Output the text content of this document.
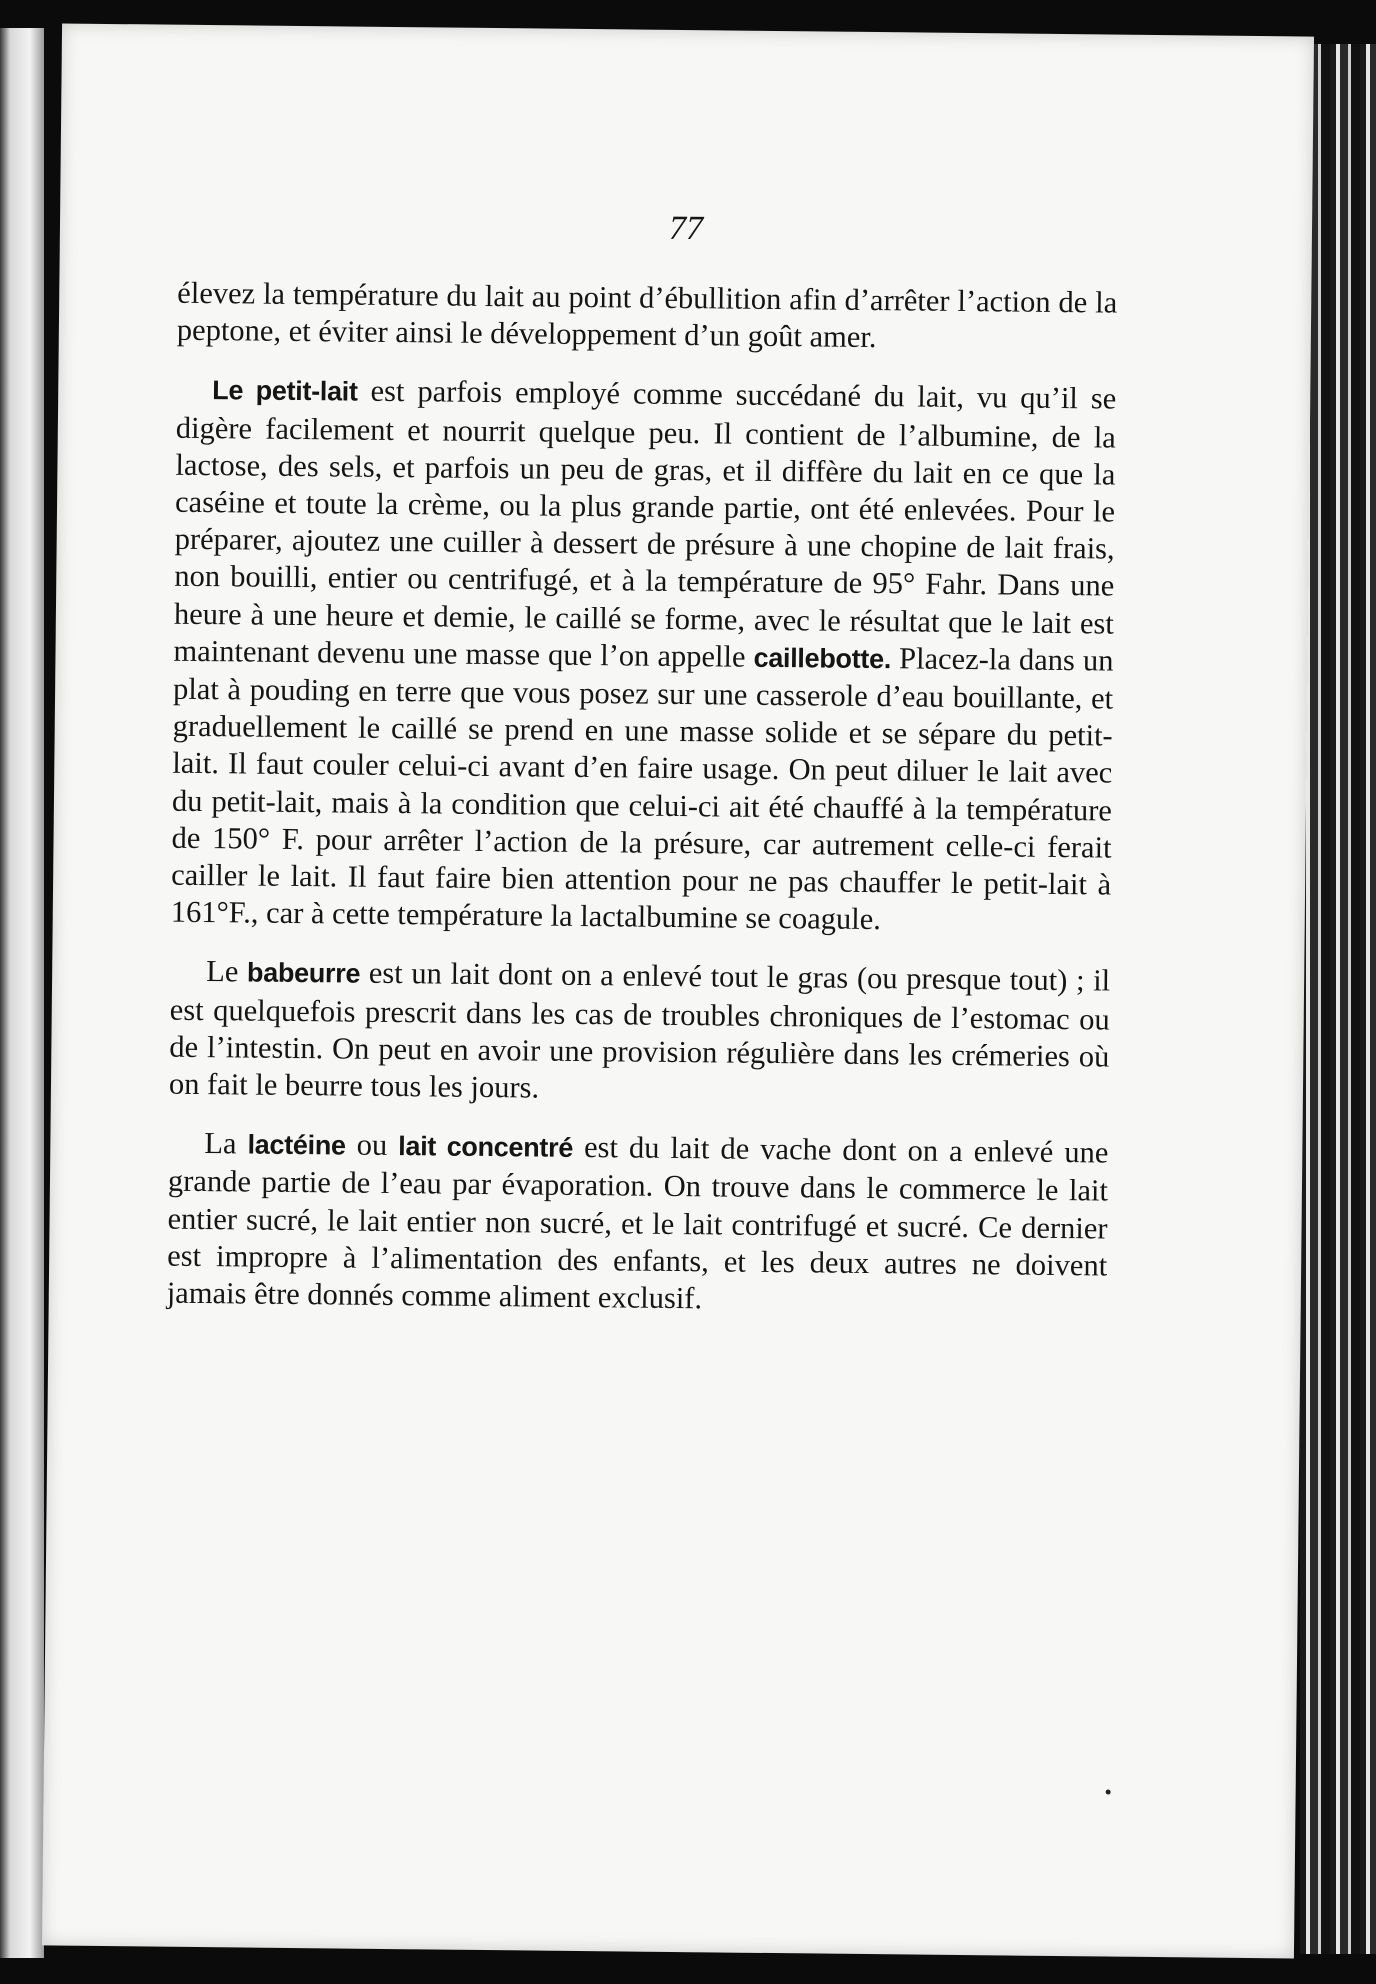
77

élevez la température du lait au point d’ébullition afin d’arrêter l’action de la peptone, et éviter ainsi le développement d’un goût amer.

Le petit-lait est parfois employé comme succédané du lait, vu qu’il se digère facilement et nourrit quelque peu. Il contient de l’albumine, de la lactose, des sels, et parfois un peu de gras, et il diffère du lait en ce que la caséine et toute la crème, ou la plus grande partie, ont été enlevées. Pour le préparer, ajoutez une cuiller à dessert de présure à une chopine de lait frais, non bouilli, entier ou centrifugé, et à la température de 95° Fahr. Dans une heure à une heure et demie, le caillé se forme, avec le résultat que le lait est maintenant devenu une masse que l’on appelle caillebotte. Placez-la dans un plat à pouding en terre que vous posez sur une casserole d’eau bouillante, et graduellement le caillé se prend en une masse solide et se sépare du petit-lait. Il faut couler celui-ci avant d’en faire usage. On peut diluer le lait avec du petit-lait, mais à la condition que celui-ci ait été chauffé à la température de 150° F. pour arrêter l’action de la présure, car autrement celle-ci ferait cailler le lait. Il faut faire bien attention pour ne pas chauffer le petit-lait à 161°F., car à cette température la lactalbumine se coagule.

Le babeurre est un lait dont on a enlevé tout le gras (ou presque tout) ; il est quelquefois prescrit dans les cas de troubles chroniques de l’estomac ou de l’intestin. On peut en avoir une provision régulière dans les crémeries où on fait le beurre tous les jours.

La lactéine ou lait concentré est du lait de vache dont on a enlevé une grande partie de l’eau par évaporation. On trouve dans le commerce le lait entier sucré, le lait entier non sucré, et le lait contrifugé et sucré. Ce dernier est impropre à l’alimentation des enfants, et les deux autres ne doivent jamais être donnés comme aliment exclusif.
